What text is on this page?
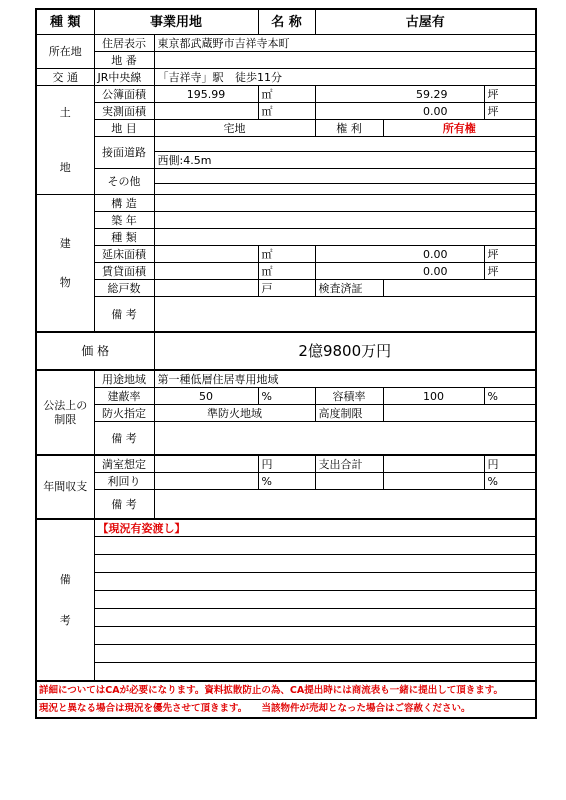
種 類	事業用地		名 称	古屋有		
所在地	住居表示	東京都武蔵野市吉祥寺本町				
	地 番					
交 通	JR中央線	「吉祥寺」駅 徒歩11分				

土
地	公簿面積	195.99	㎡	59.29		坪
	実測面積		㎡	0.00		坪
	地 目	宅地		権 利	所有権	
	接面道路					
		西側:4.5m				
	その他					

建
物	構 造					
	築 年					
	種 類					
	延床面積		㎡	0.00		坪
	賃貸面積		㎡	0.00		坪
	総戸数		戸	検査済証		
	備 考					
価 格		2億9800万円				
公法上の制限	用途地域	第一種低層住居専用地域				
	建蔽率	50	%	容積率	100	%
	防火指定	準防火地域		高度制限		
	備 考					
年間収支	満室想定		円	支出合計		円
	利回り		%			%
	備 考					

備
考	【現況有姿渡し】					

詳細についてはCAが必要になります。資料拡散防止の為、CA提出時には商流表も一緒に提出して頂きます。						
現況と異なる場合は現況を優先させて頂きます。　　当該物件が売却となった場合はご容赦ください。						
